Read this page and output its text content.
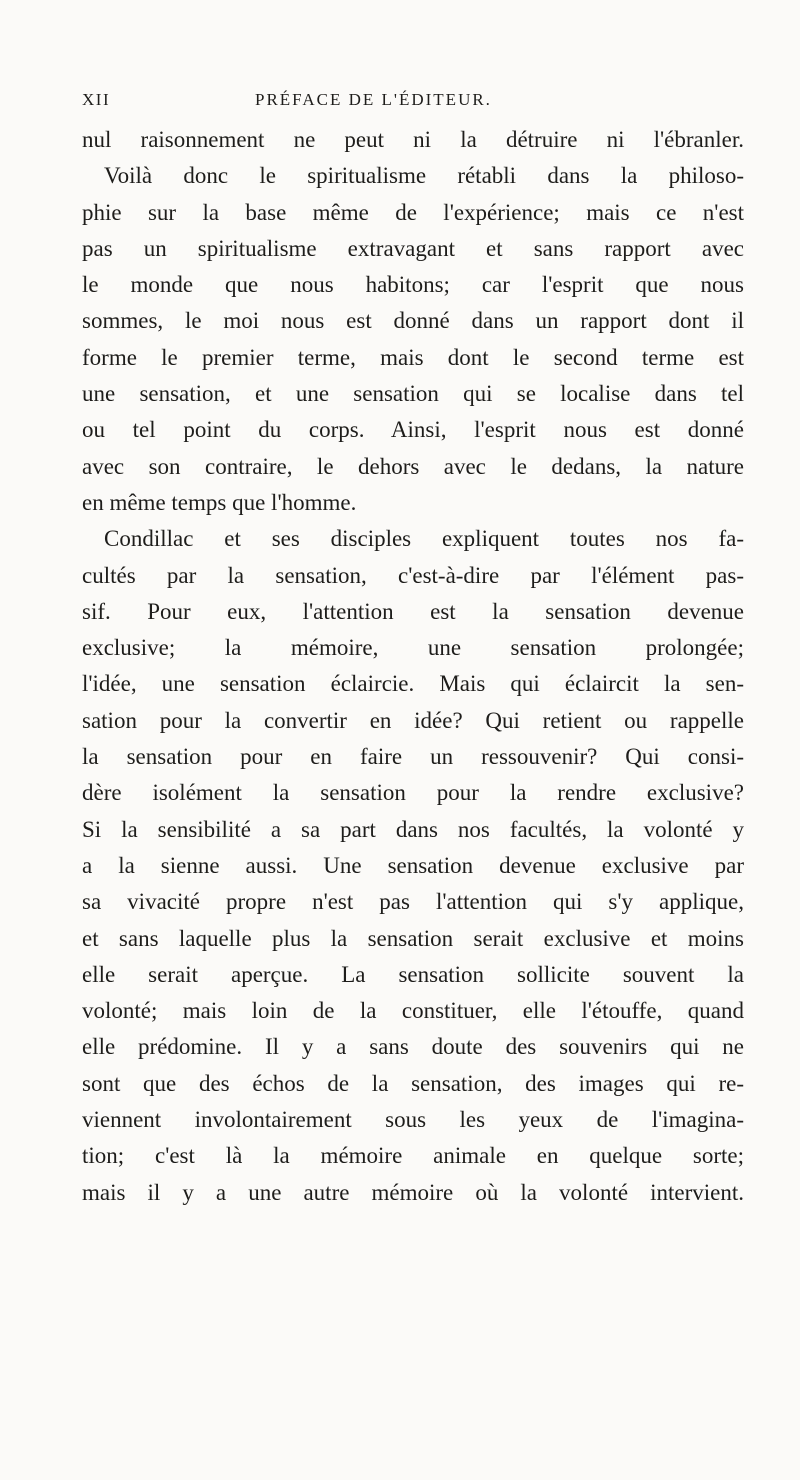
XII	PRÉFACE DE L'ÉDITEUR.
nul raisonnement ne peut ni la détruire ni l'ébranler.
Voilà donc le spiritualisme rétabli dans la philoso-
phie sur la base même de l'expérience; mais ce n'est
pas un spiritualisme extravagant et sans rapport avec
le monde que nous habitons; car l'esprit que nous
sommes, le moi nous est donné dans un rapport dont il
forme le premier terme, mais dont le second terme est
une sensation, et une sensation qui se localise dans tel
ou tel point du corps. Ainsi, l'esprit nous est donné
avec son contraire, le dehors avec le dedans, la nature
en même temps que l'homme.
Condillac et ses disciples expliquent toutes nos fa-
cultés par la sensation, c'est-à-dire par l'élément pas-
sif. Pour eux, l'attention est la sensation devenue
exclusive; la mémoire, une sensation prolongée;
l'idée, une sensation éclaircie. Mais qui éclaircit la sen-
sation pour la convertir en idée? Qui retient ou rappelle
la sensation pour en faire un ressouvenir? Qui consi-
dère isolément la sensation pour la rendre exclusive?
Si la sensibilité a sa part dans nos facultés, la volonté y
a la sienne aussi. Une sensation devenue exclusive par
sa vivacité propre n'est pas l'attention qui s'y applique,
et sans laquelle plus la sensation serait exclusive et moins
elle serait aperçue. La sensation sollicite souvent la
volonté; mais loin de la constituer, elle l'étouffe, quand
elle prédomine. Il y a sans doute des souvenirs qui ne
sont que des échos de la sensation, des images qui re-
viennent involontairement sous les yeux de l'imagina-
tion; c'est là la mémoire animale en quelque sorte;
mais il y a une autre mémoire où la volonté intervient.
